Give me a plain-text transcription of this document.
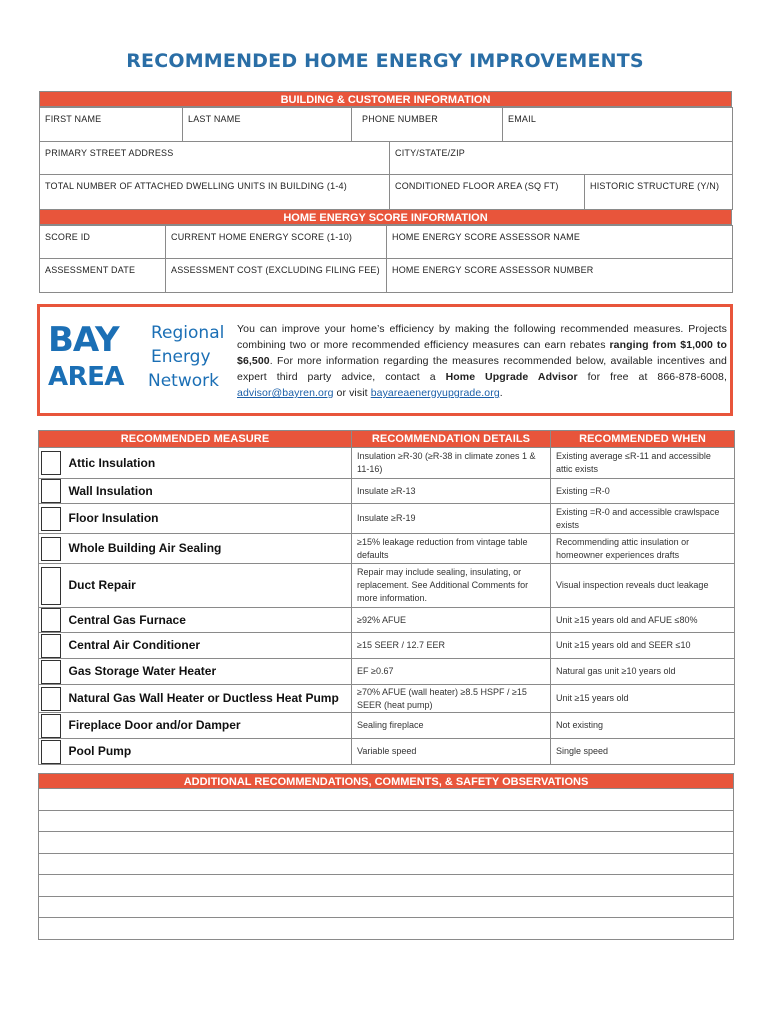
RECOMMENDED HOME ENERGY IMPROVEMENTS
BUILDING & CUSTOMER INFORMATION
FIRST NAME	LAST NAME	PHONE NUMBER		EMAIL	
PRIMARY STREET ADDRESS			CITY/STATE/ZIP		
TOTAL NUMBER OF ATTACHED DWELLING UNITS IN BUILDING (1-4)			CONDITIONED FLOOR AREA (SQ FT)		HISTORIC STRUCTURE (Y/N)
HOME ENERGY SCORE INFORMATION
SCORE ID	CURRENT HOME ENERGY SCORE (1-10)	HOME ENERGY SCORE ASSESSOR NAME
ASSESSMENT DATE	ASSESSMENT COST (EXCLUDING FILING FEE)	HOME ENERGY SCORE ASSESSOR NUMBER
BAY
AREA
Regional
Energy
Network
You can improve your home’s efficiency by making the following recommended measures. Projects combining two or more recommended efficiency measures can earn rebates ranging from $1,000 to $6,500. For more information regarding the measures recommended below, available incentives and expert third party advice, contact a Home Upgrade Advisor for free at 866-878-6008, advisor@bayren.org or visit bayareaenergyupgrade.org.
RECOMMENDED MEASURE		RECOMMENDATION DETAILS	RECOMMENDED WHEN

	Attic Insulation	Insulation ≥R-30 (≥R-38 in climate zones 1 & 11-16)	Existing average ≤R-11 and accessible attic exists

	Wall Insulation	Insulate ≥R-13	Existing =R-0

	Floor Insulation	Insulate ≥R-19	Existing =R-0 and accessible crawlspace exists

	Whole Building Air Sealing	≥15% leakage reduction from vintage table defaults	Recommending attic insulation or homeowner experiences drafts

	Duct Repair	Repair may include sealing, insulating, or replacement. See Additional Comments for more information.	Visual inspection reveals duct leakage

	Central Gas Furnace	≥92% AFUE	Unit ≥15 years old and AFUE ≤80%

	Central Air Conditioner	≥15 SEER / 12.7 EER	Unit ≥15 years old and SEER ≤10

	Gas Storage Water Heater	EF ≥0.67	Natural gas unit ≥10 years old

	Natural Gas Wall Heater or Ductless Heat Pump	≥70% AFUE (wall heater) ≥8.5 HSPF / ≥15 SEER (heat pump)	Unit ≥15 years old

	Fireplace Door and/or Damper	Sealing fireplace	Not existing

	Pool Pump	Variable speed	Single speed
ADDITIONAL RECOMMENDATIONS, COMMENTS, & SAFETY OBSERVATIONS
